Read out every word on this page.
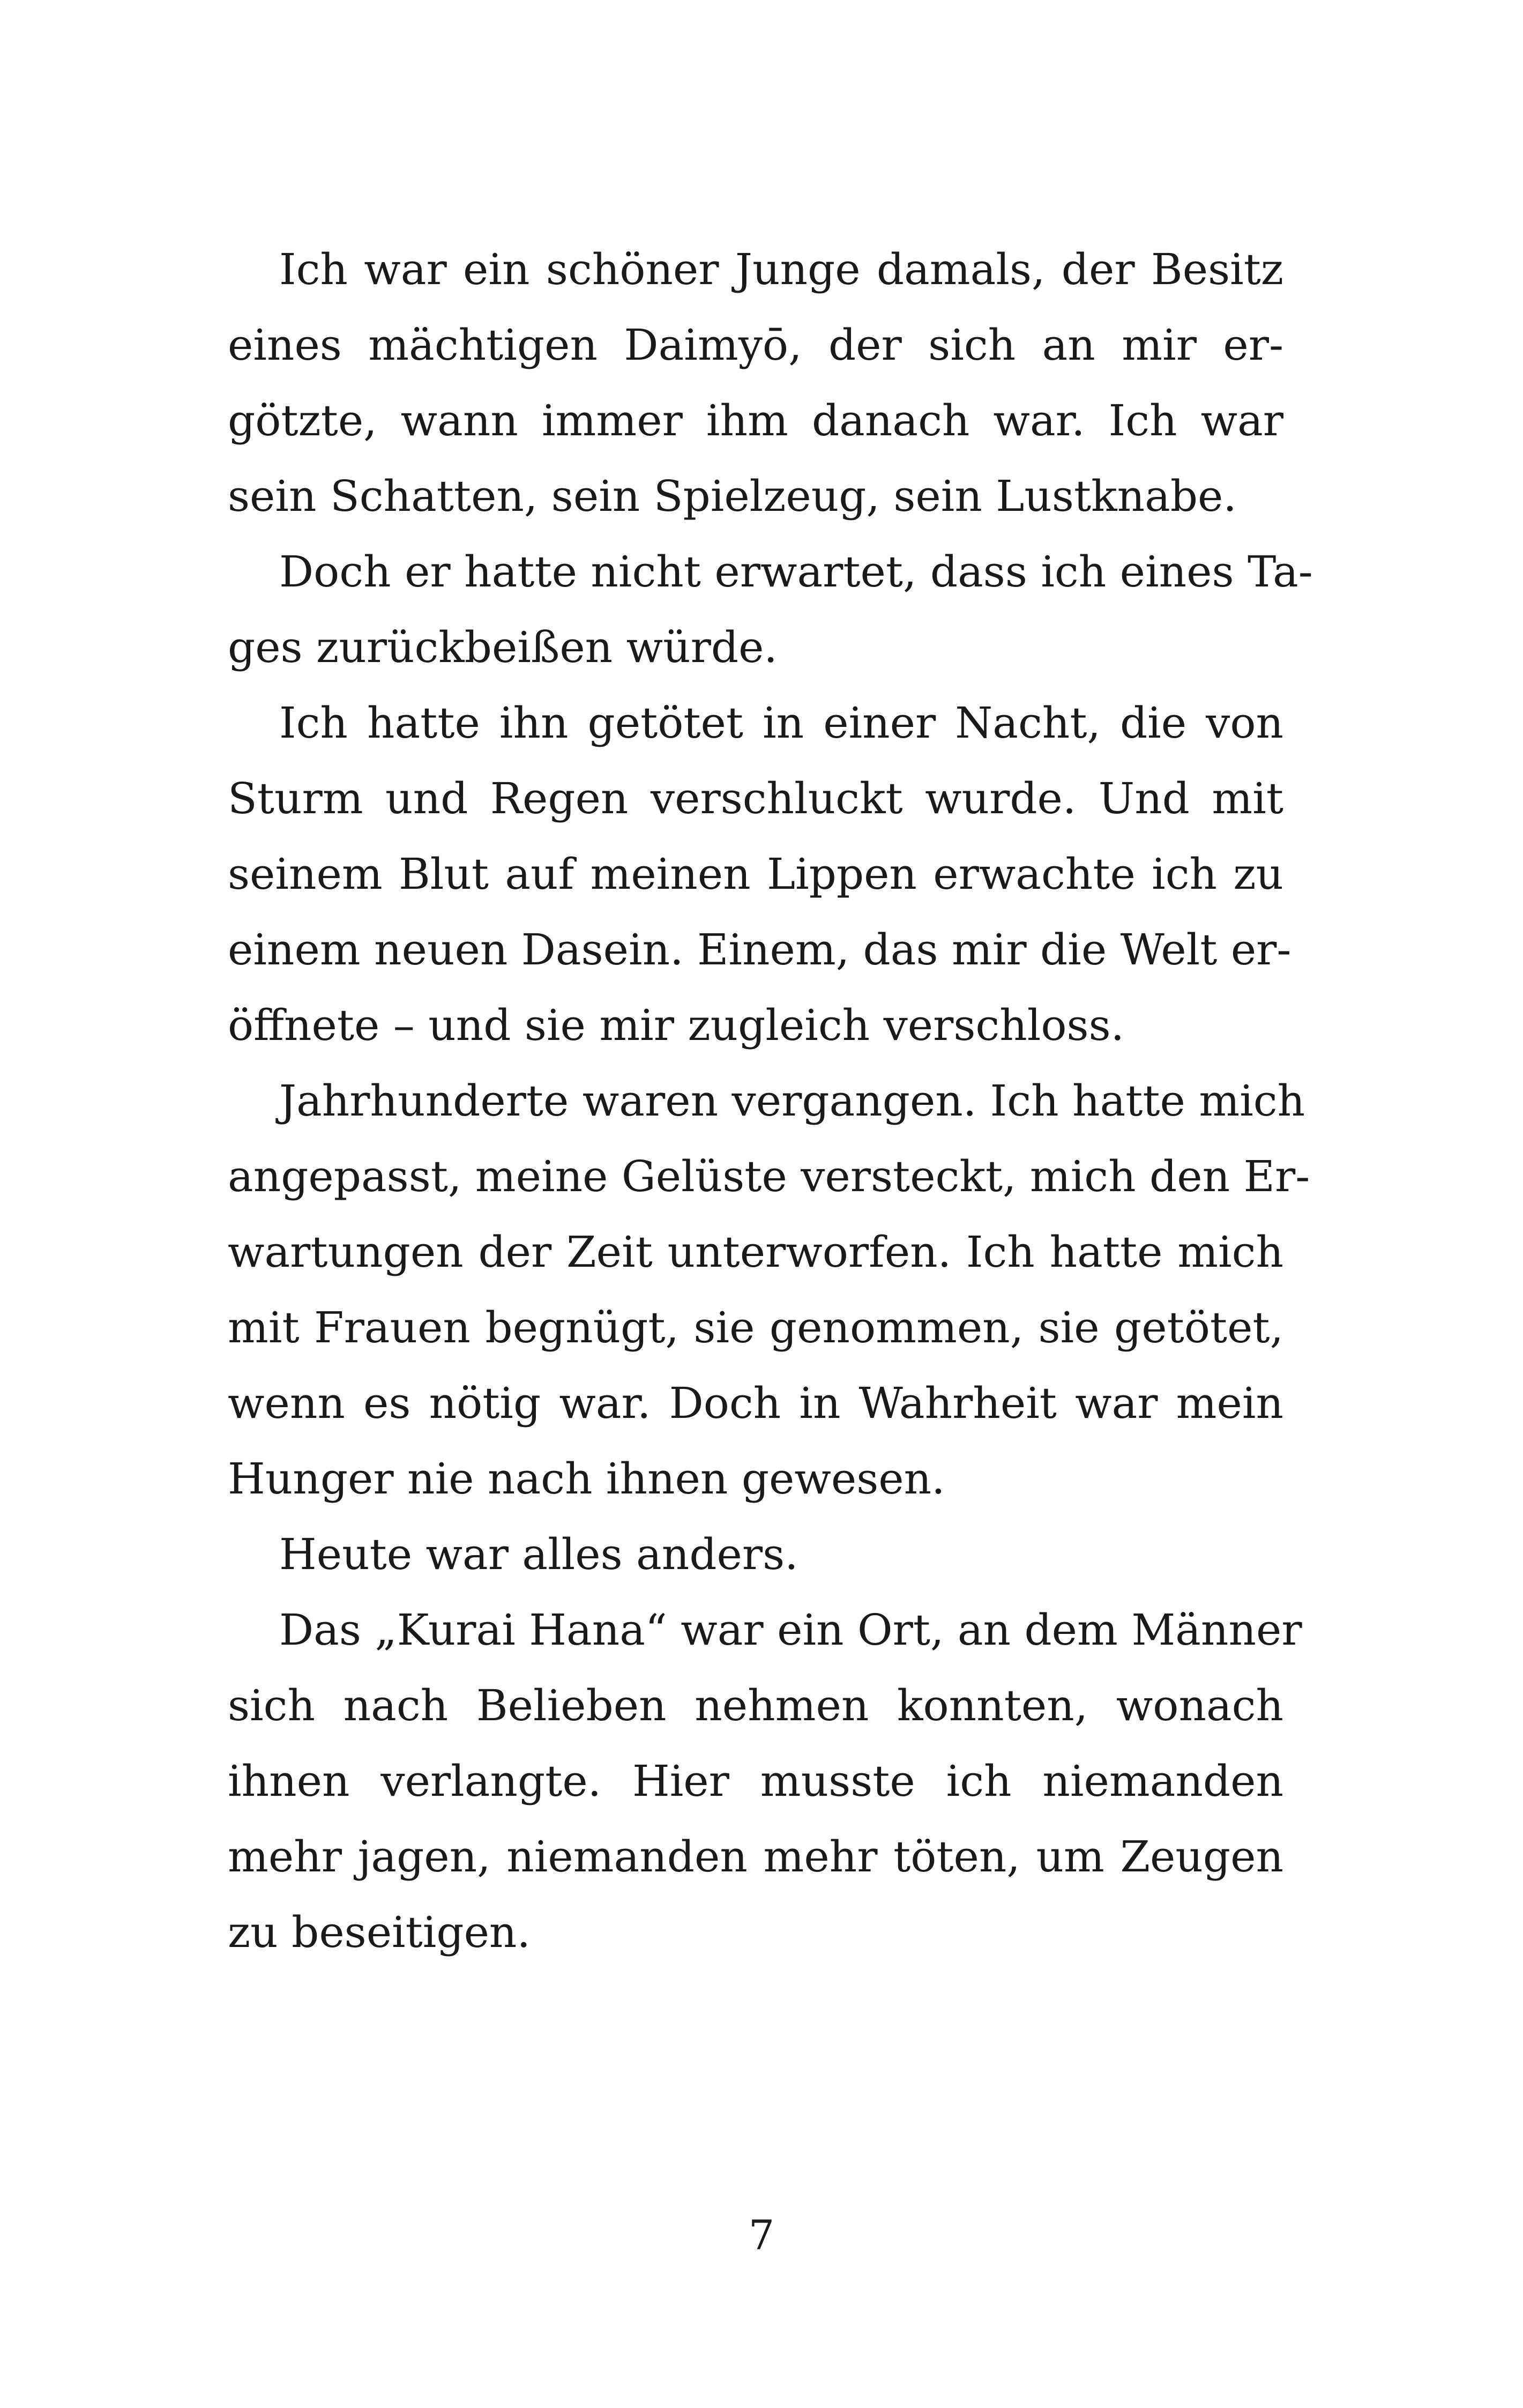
Ich war ein schöner Junge damals, der Besitz
eines mächtigen Daimyō, der sich an mir er-
götzte, wann immer ihm danach war. Ich war
sein Schatten, sein Spielzeug, sein Lustknabe.
Doch er hatte nicht erwartet, dass ich eines Ta-
ges zurückbeißen würde.
Ich hatte ihn getötet in einer Nacht, die von
Sturm und Regen verschluckt wurde. Und mit
seinem Blut auf meinen Lippen erwachte ich zu
einem neuen Dasein. Einem, das mir die Welt er-
öffnete – und sie mir zugleich verschloss.
Jahrhunderte waren vergangen. Ich hatte mich
angepasst, meine Gelüste versteckt, mich den Er-
wartungen der Zeit unterworfen. Ich hatte mich
mit Frauen begnügt, sie genommen, sie getötet,
wenn es nötig war. Doch in Wahrheit war mein
Hunger nie nach ihnen gewesen.
Heute war alles anders.
Das „Kurai Hana“ war ein Ort, an dem Männer
sich nach Belieben nehmen konnten, wonach
ihnen verlangte. Hier musste ich niemanden
mehr jagen, niemanden mehr töten, um Zeugen
zu beseitigen.
7
